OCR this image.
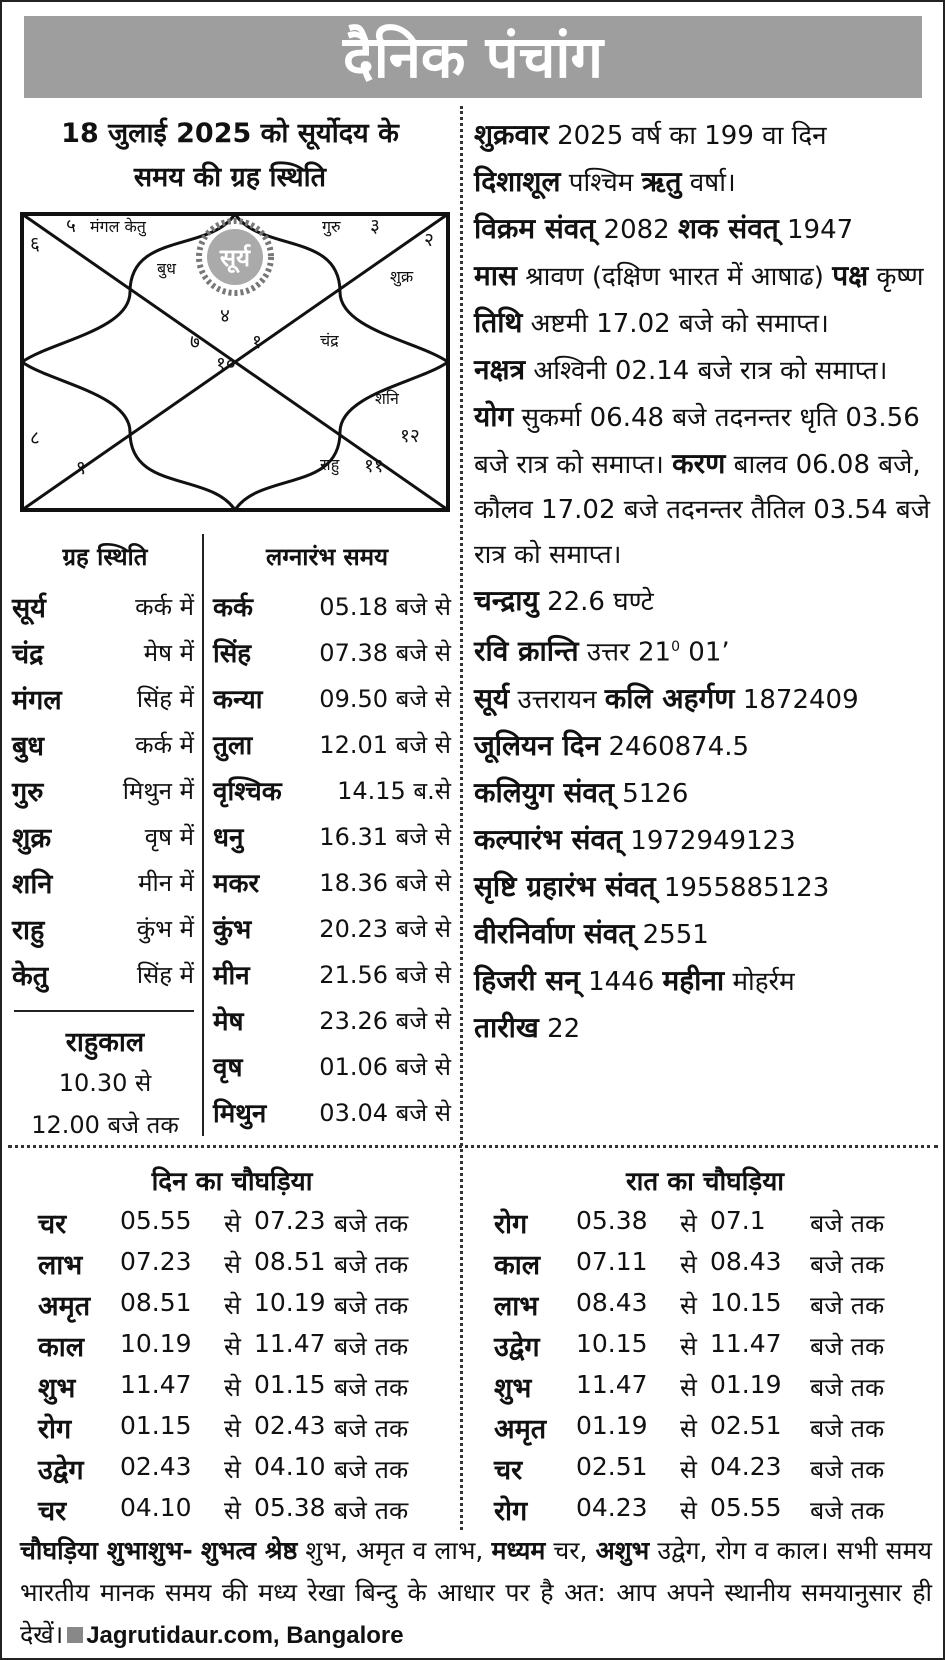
दैनिक पंचांग
18 जुलाई 2025 को सूर्योदय के
समय की ग्रह स्थिति
६
५ मंगल केतु	गुरु ३
२
शुक्र
बुध सूर्य
४
७	१	चंद्र
१०
शनि
८	१२
९	राहु ११
ग्रह स्थिति
सूर्य	कर्क में
चंद्र	मेष में
मंगल	सिंह में
बुध	कर्क में
गुरु	मिथुन में
शुक्र	वृष में
शनि	मीन में
राहु	कुंभ में
केतु	सिंह में
राहुकाल
10.30 से
12.00 बजे तक
लग्नारंभ समय
कर्क	05.18 बजे से
सिंह	07.38 बजे से
कन्या 09.50 बजे से
तुला	12.01 बजे से
वृश्चिक 14.15 ब.से
धनु	16.31 बजे से
मकर	18.36 बजे से
कुंभ	20.23 बजे से
मीन	21.56 बजे से
मेष	23.26 बजे से
वृष	01.06 बजे से
मिथुन 03.04 बजे से

शुक्रवार 2025 वर्ष का 199 वा दिन

दिशाशूल पश्चिम ऋतु वर्षा।

विक्रम संवत् 2082 शक संवत् 1947

मास श्रावण (दक्षिण भारत में आषाढ) पक्ष कृष्ण

तिथि अष्टमी 17.02 बजे को समाप्त।

नक्षत्र अश्विनी 02.14 बजे रात्र को समाप्त। योग सुकर्मा 06.48 बजे तदनन्तर धृति 03.56 बजे रात्र को समाप्त। करण बालव 06.08 बजे, कौलव 17.02 बजे तदनन्तर तैतिल 03.54 बजे रात्र को समाप्त।

चन्द्रायु 22.6 घण्टे

रवि क्रान्ति उत्तर $21^0$ 01’

सूर्य उत्तरायन कलि अहर्गण 1872409

जूलियन दिन 2460874.5

कलियुग संवत् 5126

कल्पारंभ संवत् 1972949123

सृष्टि ग्रहारंभ संवत् 1955885123

वीरनिर्वाण संवत् 2551

हिजरी सन् 1446 महीना मोहर्रम

तारीख 22

दिन का चौघड़िया
चर 05.55 से 07.23 बजे तक
लाभ 07.23 से 08.51 बजे तक
अमृत 08.51 से 10.19 बजे तक
काल 10.19 से 11.47 बजे तक
शुभ 11.47 से 01.15 बजे तक
रोग 01.15 से 02.43 बजे तक
उद्वेग 02.43 से 04.10 बजे तक
चर 04.10 से 05.38 बजे तक
रात का चौघड़िया
रोग 05.38 से 07.1 बजे तक
काल 07.11 से 08.43 बजे तक
लाभ 08.43 से 10.15 बजे तक
उद्वेग 10.15 से 11.47 बजे तक
शुभ 11.47 से 01.19 बजे तक
अमृत 01.19 से 02.51 बजे तक
चर 02.51 से 04.23 बजे तक
रोग 04.23 से 05.55 बजे तक
चौघड़िया शुभाशुभ- शुभत्व श्रेष्ठ शुभ, अमृत व लाभ, मध्यम चर, अशुभ उद्वेग, रोग व काल। सभी समय भारतीय मानक समय की मध्य रेखा बिन्दु के आधार पर है अत: आप अपने स्थानीय समयानुसार ही देखें। Jagrutidaur.com, Bangalore
